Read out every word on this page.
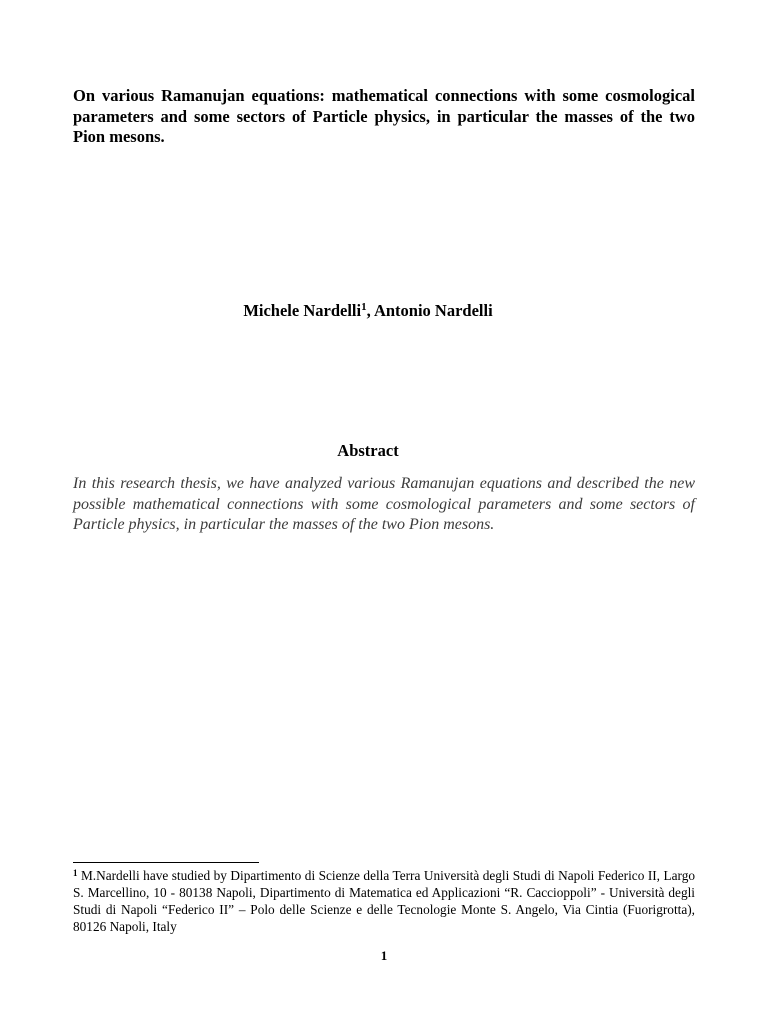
On various Ramanujan equations: mathematical connections with some cosmological parameters and some sectors of Particle physics, in particular the masses of the two Pion mesons.
Michele Nardelli$^1$, Antonio Nardelli
Abstract

In this research thesis, we have analyzed various Ramanujan equations and described the new possible mathematical connections with some cosmological parameters and some sectors of Particle physics, in particular the masses of the two Pion mesons.

$^1$ M.Nardelli have studied by Dipartimento di Scienze della Terra Università degli Studi di Napoli Federico II, Largo S. Marcellino, 10 - 80138 Napoli, Dipartimento di Matematica ed Applicazioni “R. Caccioppoli” - Università degli Studi di Napoli “Federico II” – Polo delle Scienze e delle Tecnologie Monte S. Angelo, Via Cintia (Fuorigrotta), 80126 Napoli, Italy

1
